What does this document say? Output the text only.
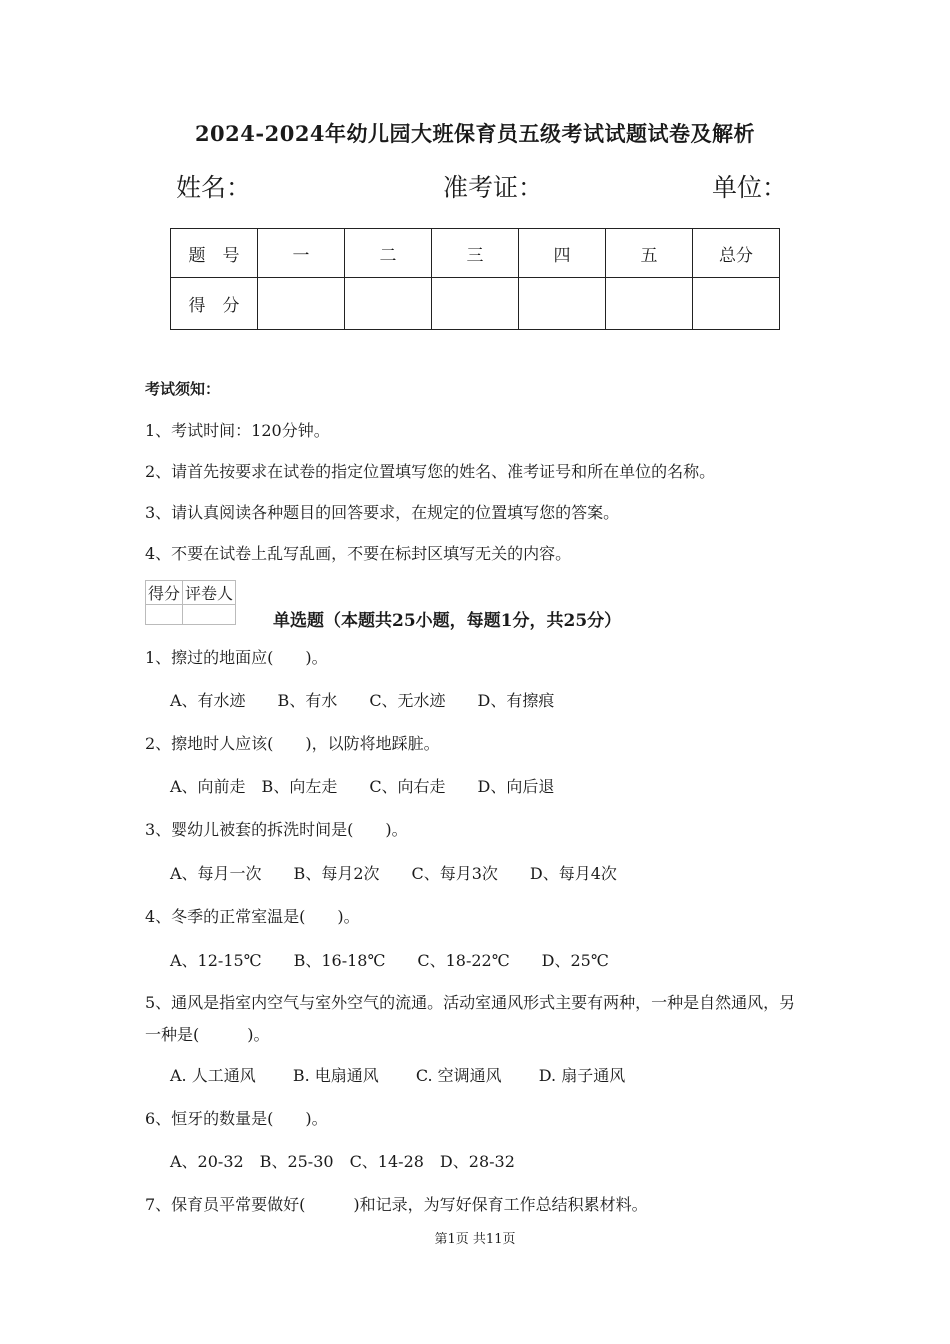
2024-2024年幼儿园大班保育员五级考试试题试卷及解析
姓名：	准考证：	单位：
题　号	一	二	三	四	五	总分
得　分						
考试须知：
1、考试时间：120分钟。
2、请首先按要求在试卷的指定位置填写您的姓名、准考证号和所在单位的名称。
3、请认真阅读各种题目的回答要求，在规定的位置填写您的答案。
4、不要在试卷上乱写乱画，不要在标封区填写无关的内容。
得分	评卷人

单选题（本题共25小题，每题1分，共25分）
1、擦过的地面应(　　)。
A、有水迹　　B、有水　　C、无水迹　　D、有擦痕
2、擦地时人应该(　　)，以防将地踩脏。
A、向前走　B、向左走　　C、向右走　　D、向后退
3、婴幼儿被套的拆洗时间是(　　)。
A、每月一次　　B、每月2次　　C、每月3次　　D、每月4次
4、冬季的正常室温是(　　)。
A、12-15℃　　B、16-18℃　　C、18-22℃　　D、25℃
5、通风是指室内空气与室外空气的流通。活动室通风形式主要有两种，一种是自然通风，另一种是(　　　)。
A. 人工通风　　 B. 电扇通风　　 C. 空调通风　　 D. 扇子通风
6、恒牙的数量是(　　)。
A、20-32　B、25-30　C、14-28　D、28-32
7、保育员平常要做好(　　　)和记录，为写好保育工作总结积累材料。
第1页 共11页
